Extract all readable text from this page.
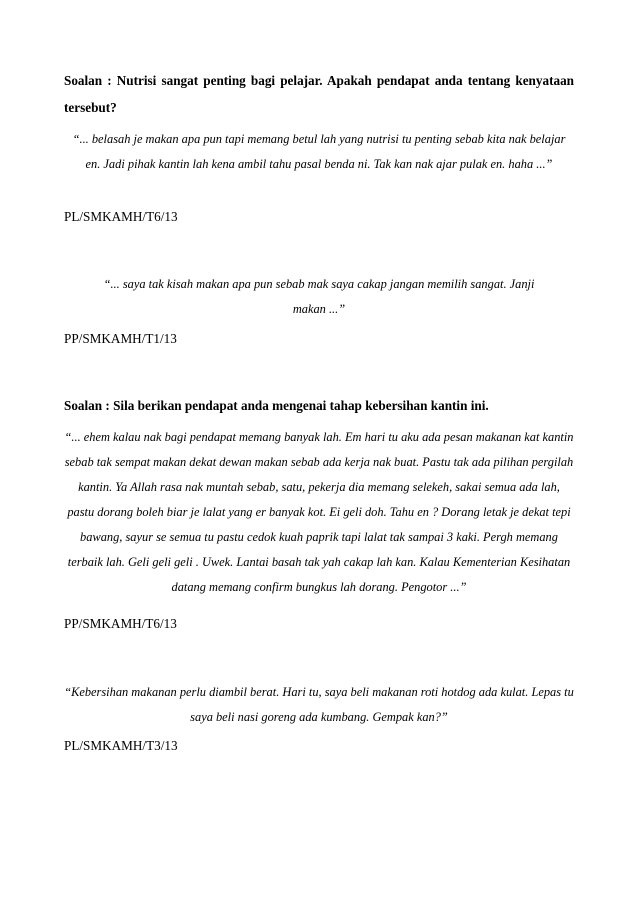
Soalan : Nutrisi sangat penting bagi pelajar. Apakah pendapat anda tentang kenyataan tersebut?
“... belasah je makan apa pun tapi memang betul lah yang nutrisi tu penting sebab kita nak belajar en. Jadi pihak kantin lah kena ambil tahu pasal benda ni. Tak kan nak ajar pulak en. haha ...”
PL/SMKAMH/T6/13
“... saya tak kisah makan apa pun sebab mak saya cakap jangan memilih sangat. Janji makan ...”
PP/SMKAMH/T1/13
Soalan : Sila berikan pendapat anda mengenai tahap kebersihan kantin ini.
“... ehem kalau nak bagi pendapat memang banyak lah. Em hari tu aku ada pesan makanan kat kantin sebab tak sempat makan dekat dewan makan sebab ada kerja nak buat. Pastu tak ada pilihan pergilah kantin. Ya Allah rasa nak muntah sebab, satu, pekerja dia memang selekeh, sakai semua ada lah, pastu dorang boleh biar je lalat yang er banyak kot. Ei geli doh. Tahu en ? Dorang letak je dekat tepi bawang, sayur se semua tu pastu cedok kuah paprik tapi lalat tak sampai 3 kaki. Pergh memang terbaik lah. Geli geli geli . Uwek. Lantai basah tak yah cakap lah kan. Kalau Kementerian Kesihatan datang memang confirm bungkus lah dorang. Pengotor ...”
PP/SMKAMH/T6/13
“Kebersihan makanan perlu diambil berat. Hari tu, saya beli makanan roti hotdog ada kulat. Lepas tu saya beli nasi goreng ada kumbang. Gempak kan?”
PL/SMKAMH/T3/13
